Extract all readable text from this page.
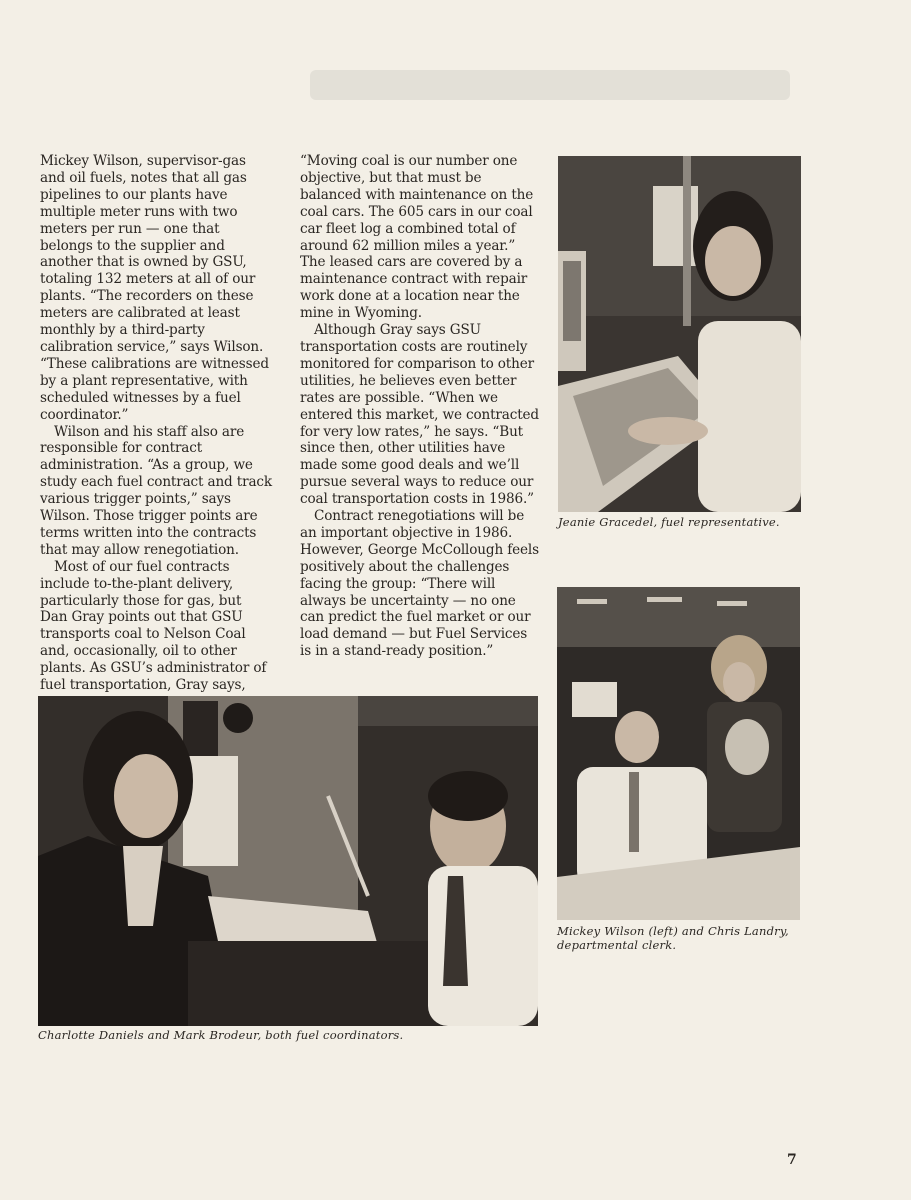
Mickey Wilson, supervisor-gas and oil fuels, notes that all gas pipelines to our plants have multiple meter runs with two meters per run — one that belongs to the supplier and another that is owned by GSU, totaling 132 meters at all of our plants. “The recorders on these meters are calibrated at least monthly by a third-party calibration service,” says Wilson. “These calibrations are witnessed by a plant representative, with scheduled witnesses by a fuel coordinator.”

Wilson and his staff also are responsible for contract administration. “As a group, we study each fuel contract and track various trigger points,” says Wilson. Those trigger points are terms written into the contracts that may allow renegotiation.

Most of our fuel contracts include to-the-plant delivery, particularly those for gas, but Dan Gray points out that GSU transports coal to Nelson Coal and, occasionally, oil to other plants. As GSU’s administrator of fuel transportation, Gray says,

“Moving coal is our number one objective, but that must be balanced with maintenance on the coal cars. The 605 cars in our coal car fleet log a combined total of around 62 million miles a year.” The leased cars are covered by a maintenance contract with repair work done at a location near the mine in Wyoming.

Although Gray says GSU transportation costs are routinely monitored for comparison to other utilities, he believes even better rates are possible. “When we entered this market, we contracted for very low rates,” he says. “But since then, other utilities have made some good deals and we’ll pursue several ways to reduce our coal transportation costs in 1986.”

Contract renegotiations will be an important objective in 1986. However, George McCollough feels positively about the challenges facing the group: “There will always be uncertainty — no one can predict the fuel market or our load demand — but Fuel Services is in a stand-ready position.”

Jeanie Gracedel, fuel representative.
Mickey Wilson (left) and Chris Landry, departmental clerk.
Charlotte Daniels and Mark Brodeur, both fuel coordinators.
7
